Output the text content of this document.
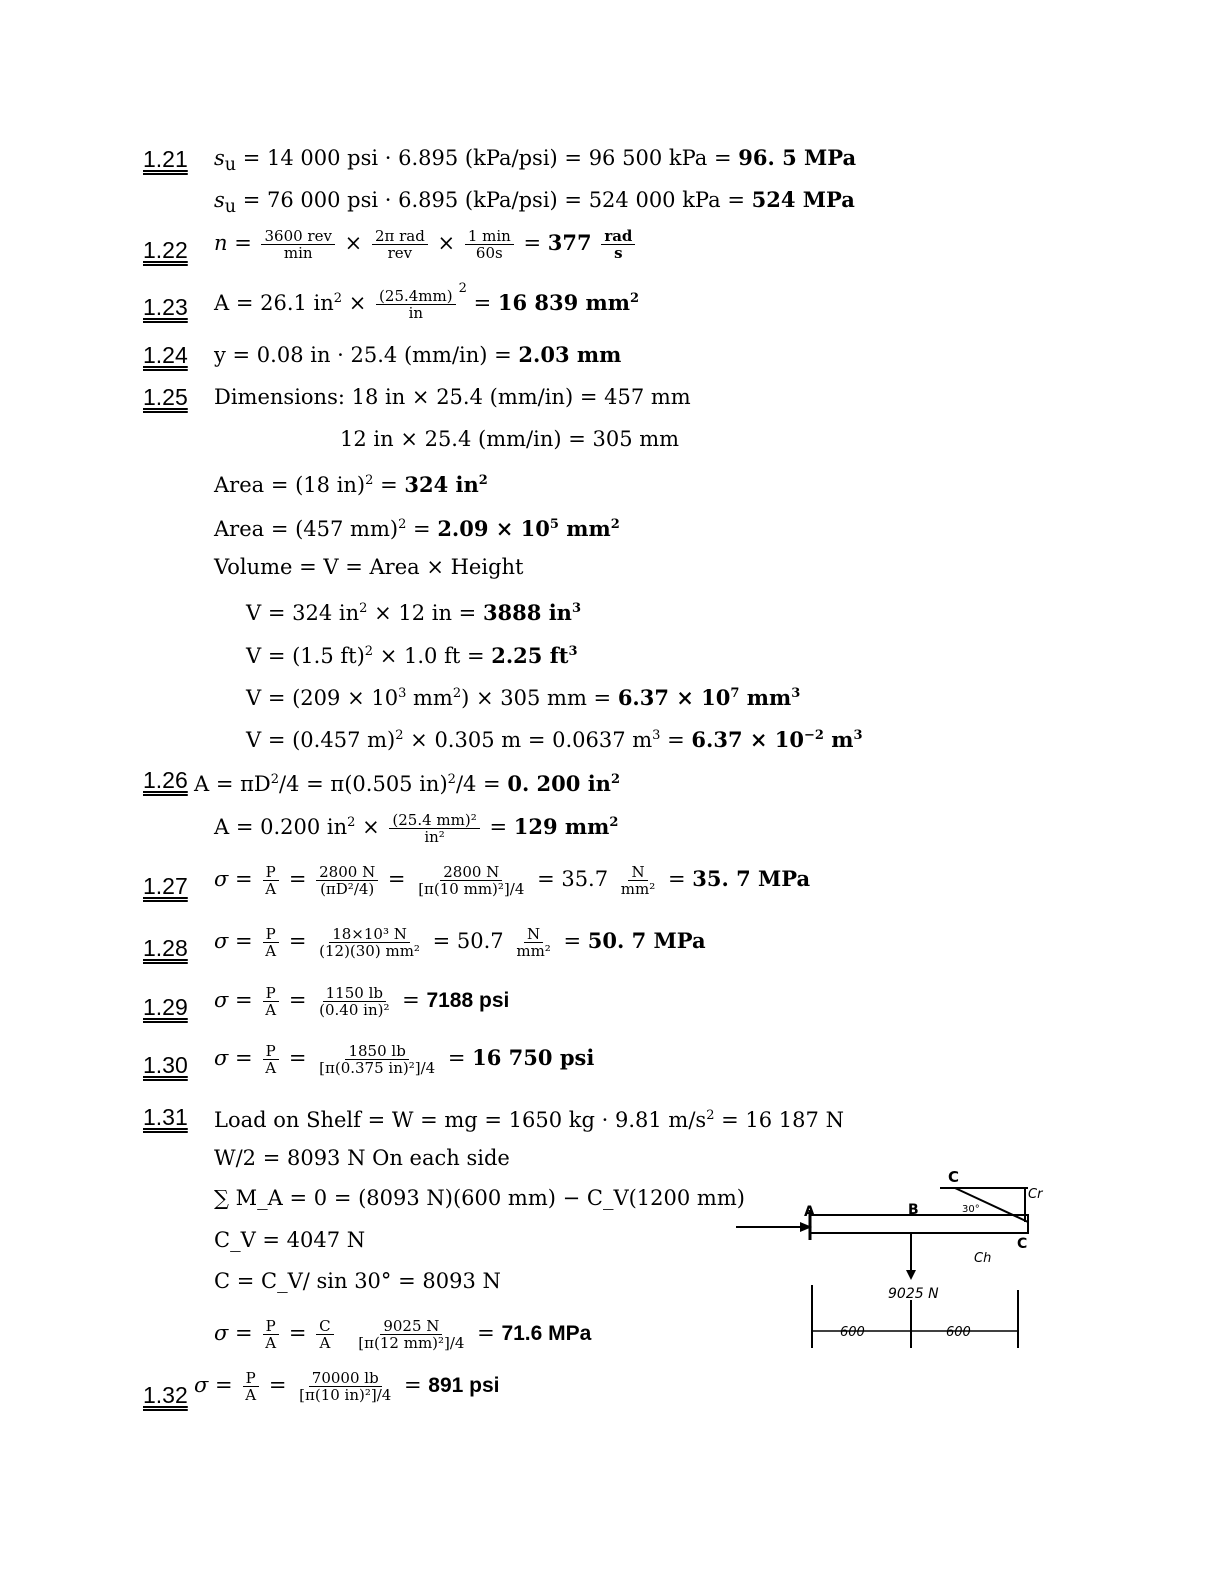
1.21 $s_u = 14$ 000 psi · 6.895 (kPa/psi) = 96 500 kPa = 96. 5 MPa
$s_u = 76$ 000 psi · 6.895 (kPa/psi) = 524 000 kPa = 524 MPa
1.22 $n = \frac{\text{3600 rev}}{\min} \times \frac{\text{2π rad}}{\text{rev}} \times \frac{1 \min}{60s} = 377 \frac{\text{rad}}{s}$
1.23 A = 26.1 $in^2 \times \frac{(25.4mm)}{in} ^2 = 16$ 839 $mm^2$
1.24 y = 0.08 in · 25.4 (mm/in) = 2.03 mm
1.25 Dimensions: 18 in × 25.4 (mm/in) = 457 mm
12 in × 25.4 (mm/in) = 305 mm
Area = (18 in)$^2$ = 324 $in^2$
Area = (457 $mm)^2 = 2.09 \times 10^5$ $mm^2$
Volume = V = Area × Height
V = 324 $in^2 \times 12$ in = 3888 $in^3$
V = (1.5 ft)$^2$ × 1.0 ft = 2.25 $ft^3$
$V = (209 \times 10^3$ $mm^2) \times 305$ mm = $6.37 \times 10^7$ $mm^3$
V = (0.457 m)$^2$ × 0.305 m = 0.0637 $m^3 = 6.37 \times 10^{-2}$ $m^3$
1.26 $A = \pi D^2/4 = \pi(0.505$ in)$^2$/4 = 0. 200 $in^2$
A = 0.200 $in^2 \times \frac{\text{(25.4 mm)²}}{\text{in²}} = 129$ $mm^2$
1.27 $\sigma = \frac{P}{A} = \frac{2800 N}{\text{(πD²/4)}} = \frac{2800 N}{\text{[π(10 mm)²]/4}} = 35.7 \frac{N}{\text{mm²}} = 35$. 7 MPa
1.28 $\sigma = \frac{P}{A} = \frac{\text{18×10³ N}}{\text{(12)(30) mm²}} = 50.7 \frac{N}{\text{mm²}} = 50$. 7 MPa
1.29 $\sigma = \frac{P}{A} = \frac{1150 lb}{\text{(0.40 in)²}} = 7188$ psi
1.30 $\sigma = \frac{P}{A} = \frac{1850 lb}{\text{[π(0.375 in)²]/4}} = 16$ 750 psi
1.31 Load on Shelf = W = mg = 1650 kg · 9.81 $m/s^2 = 16$ 187 N
W/2 = 8093 N On each side
∑ M_A = 0 = (8093 N)(600 mm) − C_V(1200 mm)
C_V = 4047 N
C = C_V/ sin 30° = 8093 N
$\sigma = \frac{P}{A} = \frac{C}{A}$
$\frac{9025 N}{\text{[π(12 mm)²]/4}} = 71.6$ MPa
1.32 $\sigma = \frac{P}{A} = \frac{70000 lb}{\text{[π(10 in)²]/4}} = 891$ psi
A	B
C
C
Cr
Ch
30°
9025 N
600	600
